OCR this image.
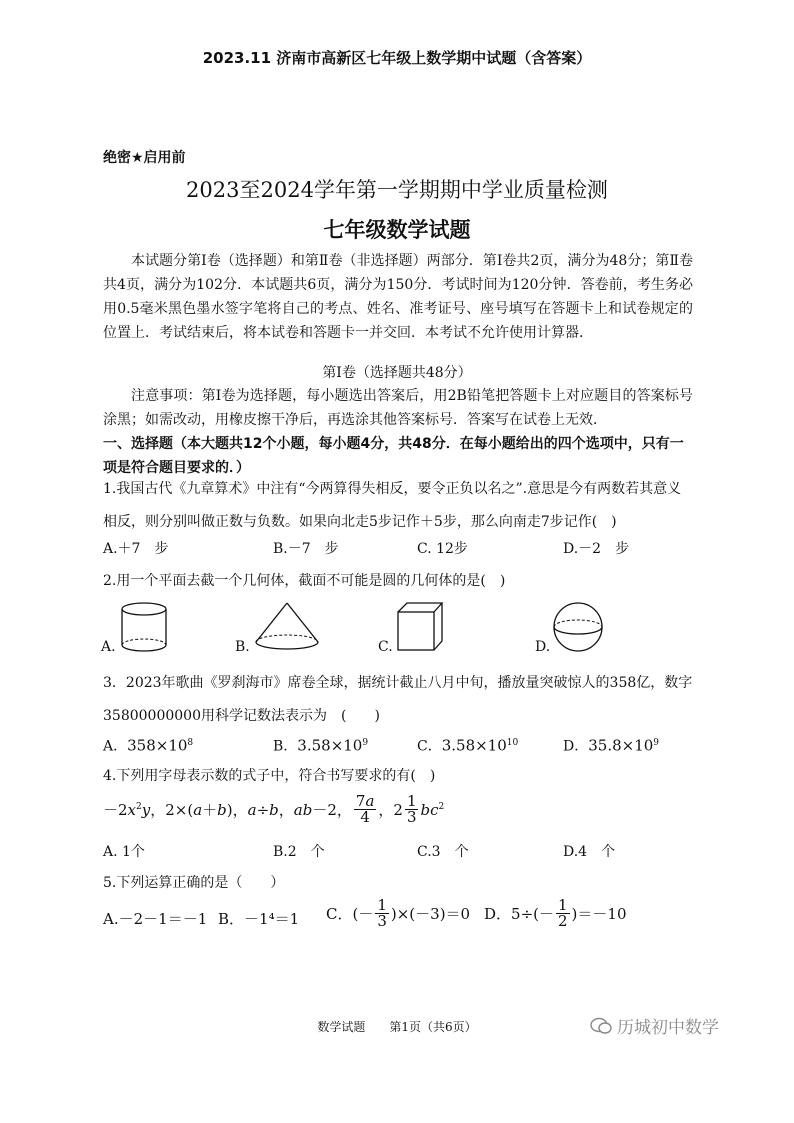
2023.11 济南市高新区七年级上数学期中试题（含答案）
绝密★启用前
2023至2024学年第一学期期中学业质量检测
七年级数学试题
本试题分第Ⅰ卷（选择题）和第Ⅱ卷（非选择题）两部分．第Ⅰ卷共2页，满分为48分；第Ⅱ卷共4页，满分为102分．本试题共6页，满分为150分．考试时间为120分钟．答卷前，考生务必用0.5毫米黑色墨水签字笔将自己的考点、姓名、准考证号、座号填写在答题卡上和试卷规定的位置上．考试结束后，将本试卷和答题卡一并交回．本考试不允许使用计算器．
第Ⅰ卷（选择题共48分）
注意事项：第Ⅰ卷为选择题，每小题选出答案后，用2B铅笔把答题卡上对应题目的答案标号涂黑；如需改动，用橡皮擦干净后，再选涂其他答案标号．答案写在试卷上无效．
一、选择题（本大题共12个小题，每小题4分，共48分．在每小题给出的四个选项中，只有一项是符合题目要求的．）
1.我国古代《九章算术》中注有“今两算得失相反，要令正负以名之”.意思是今有两数若其意义相反，则分别叫做正数与负数。如果向北走5步记作＋5步，那么向南走7步记作(　)
A.＋7　步	B.－7　步	C. 12步	D.－2　步
2.用一个平面去截一个几何体，截面不可能是圆的几何体的是(　)
A.	B.	C.	D.
3．2023年歌曲《罗刹海市》席卷全球，据统计截止八月中旬，播放量突破惊人的358亿，数字35800000000用科学记数法表示为　(　　)
A．$358\times 10^8$	B．$3.58\times 10^9$	C．$3.58\times 10^{10}$	D．$35.8\times 10^9$
4.下列用字母表示数的式子中，符合书写要求的有(　)
$-2x^2y$，2×(a＋b)，a÷b，ab－2， $\frac{7a}{4}$ ，$2 \frac{1}{3} bc^2$
A. 1个	B.2　个	C.3　个	D.4　个
5.下列运算正确的是（　　）
A.－2－1＝－1 B．－1⁴＝1 C． (－ $\frac{1}{3} )\times(-3)=0$ D． $5\div(- \frac{1}{2} )=-10$
数学试题　　第1页（共6页）	历城初中数学
